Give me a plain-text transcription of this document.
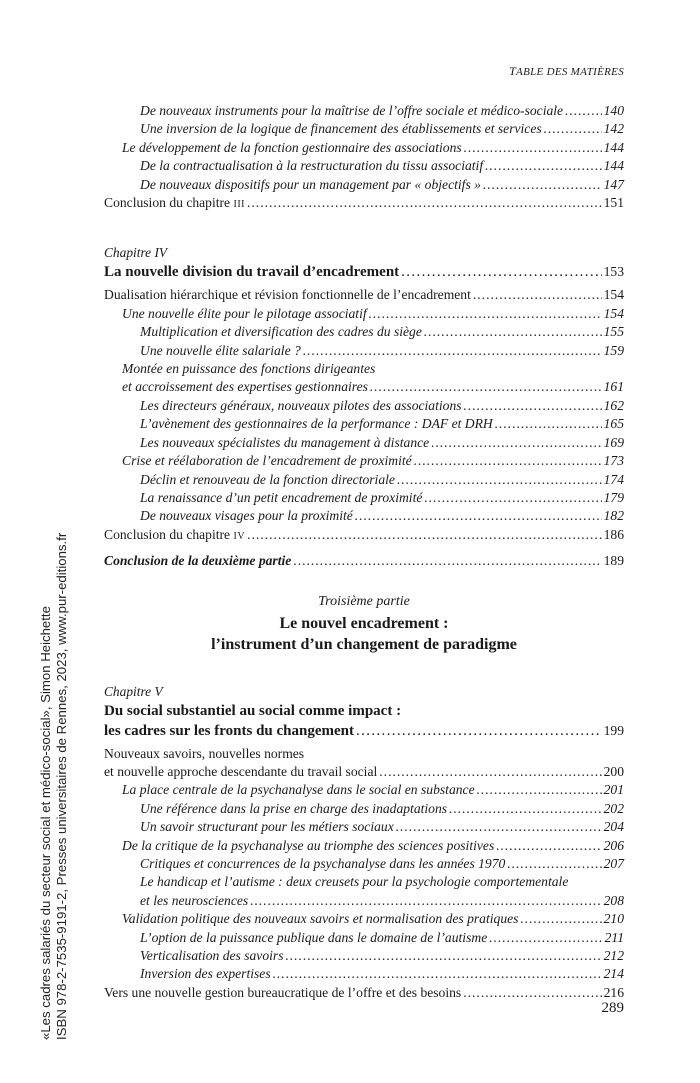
«Les cadres salariés du secteur social et médico-social», Simon Heichette ISBN 978-2-7535-9191-2, Presses universitaires de Rennes, 2023, www.pur-editions.fr
TABLE DES MATIÈRES
De nouveaux instruments pour la maîtrise de l’offre sociale et médico-sociale . . .	140
Une inversion de la logique de financement des établissements et services . . .	142
Le développement de la fonction gestionnaire des associations . . .	144
De la contractualisation à la restructuration du tissu associatif . . .	144
De nouveaux dispositifs pour un management par « objectifs » . . .	147
Conclusion du chapitre III . . .	151
Chapitre IV
La nouvelle division du travail d’encadrement . . .	153
Dualisation hiérarchique et révision fonctionnelle de l’encadrement . . .	154
Une nouvelle élite pour le pilotage associatif . . .	154
Multiplication et diversification des cadres du siège . . .	155
Une nouvelle élite salariale ? . . .	159
Montée en puissance des fonctions dirigeantes
et accroissement des expertises gestionnaires . . .	161
Les directeurs généraux, nouveaux pilotes des associations . . .	162
L’avènement des gestionnaires de la performance : DAF et DRH . . .	165
Les nouveaux spécialistes du management à distance . . .	169
Crise et réélaboration de l’encadrement de proximité . . .	173
Déclin et renouveau de la fonction directoriale . . .	174
La renaissance d’un petit encadrement de proximité . . .	179
De nouveaux visages pour la proximité . . .	182
Conclusion du chapitre IV . . .	186
Conclusion de la deuxième partie . . .	189
Troisième partie
Le nouvel encadrement :
l’instrument d’un changement de paradigme
Chapitre V
Du social substantiel au social comme impact :
les cadres sur les fronts du changement . . .	199
Nouveaux savoirs, nouvelles normes
et nouvelle approche descendante du travail social . . .	200
La place centrale de la psychanalyse dans le social en substance . . .	201
Une référence dans la prise en charge des inadaptations . . .	202
Un savoir structurant pour les métiers sociaux . . .	204
De la critique de la psychanalyse au triomphe des sciences positives . . .	206
Critiques et concurrences de la psychanalyse dans les années 1970 . . .	207
Le handicap et l’autisme : deux creusets pour la psychologie comportementale
et les neurosciences . . .	208
Validation politique des nouveaux savoirs et normalisation des pratiques . . .	210
L’option de la puissance publique dans le domaine de l’autisme . . .	211
Verticalisation des savoirs . . .	212
Inversion des expertises . . .	214
Vers une nouvelle gestion bureaucratique de l’offre et des besoins . . .	216
289
